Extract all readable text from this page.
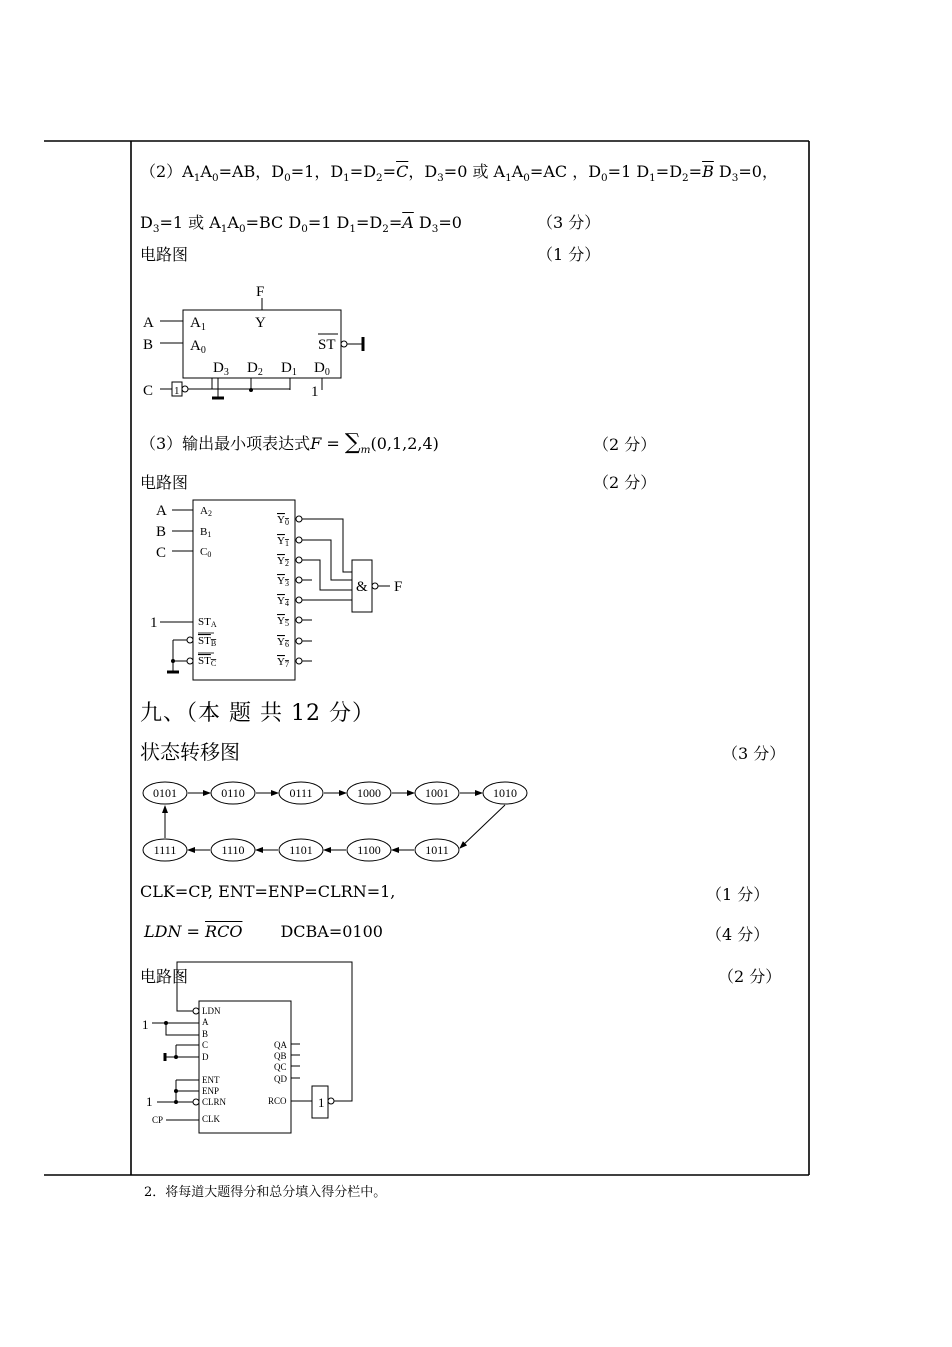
$(2)A_1A_0=AB$，$D_0=1$，$D_1=D_2=\overline{C}$，$D_3=0$ 或 $A_1A_0=AC$ ，$D_0=1$ $D_1=D_2=\overline{B}$ $D_3=0$，
$D_3=1$ 或 $A_1A_0=BC$ $D_0=1$ $D_1=D_2=\overline{A}$ $D_3=0$	（3 分）
电路图	（1 分）
F
Y
A
B
$A_1$
$A_0$	ST
$D_3$ $D_2$ $D_1$ $D_0$
1
C 1
（3）输出最小项表达式$F = \sum_m(0,1,2,4)$	（2 分）
电路图	（2 分）
A
B
C
1
A2
B1
C0
STA
STB
STC
Y0
Y1
Y2
Y3
Y4
Y5
Y6
Y7
& F
九、（本 题 共 12 分）
状态转移图	（3 分）
0101	0110	0111	1000	1001	1010
1111	1110	1101	1100	1011
CLK=CP, ENT=ENP=CLRN=1,	（1 分）
LDN = $\overline{RCO}$ DCBA=0100	（4 分）
电路图	（2 分）
LDN
A
B
C
D
ENT
ENP
CLRN
CLK
QA
QB
QC
QD
RCO
CP
1
1	1
2．将每道大题得分和总分填入得分栏中。
